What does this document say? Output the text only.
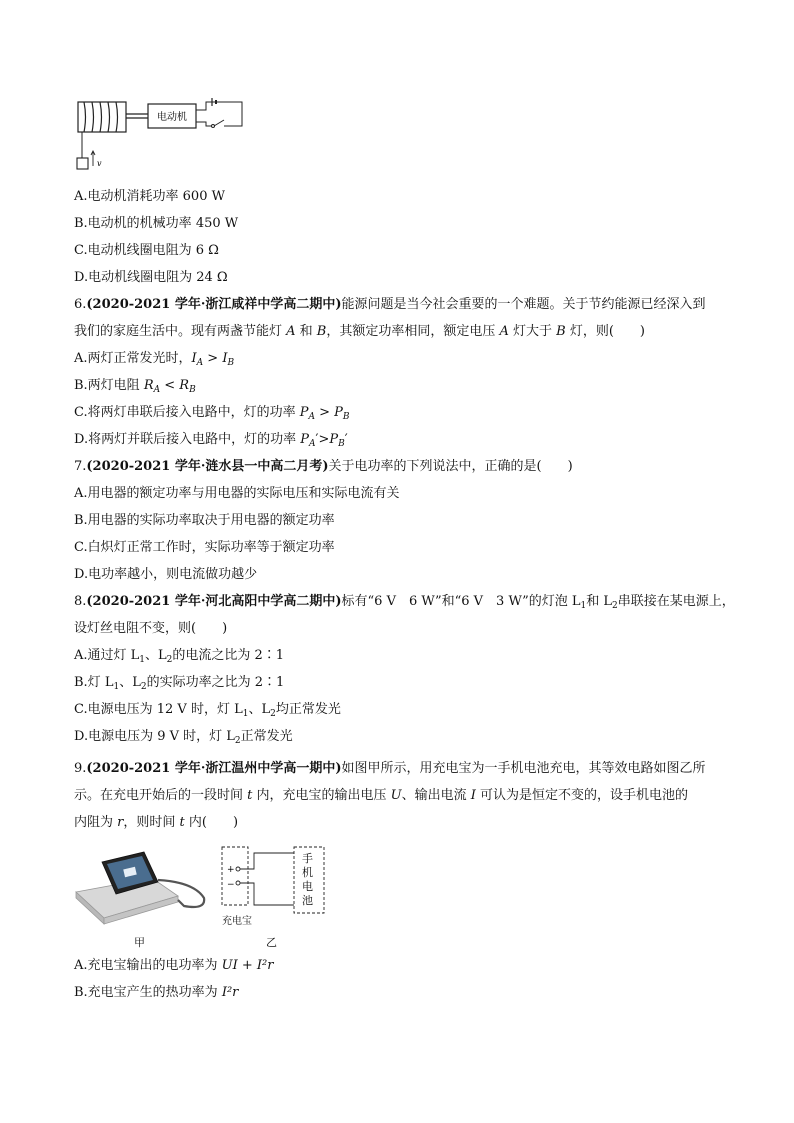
电动机
v
A.电动机消耗功率 600 W
B.电动机的机械功率 450 W
C.电动机线圈电阻为 6 Ω
D.电动机线圈电阻为 24 Ω
6.(2020-2021 学年·浙江咸祥中学高二期中)能源问题是当今社会重要的一个难题。关于节约能源已经深入到
我们的家庭生活中。现有两盏节能灯 A 和 B，其额定功率相同，额定电压 A 灯大于 B 灯，则(　　)
A.两灯正常发光时，$I_A > I_B$
B.两灯电阻 $R_A < R_B$
C.将两灯串联后接入电路中，灯的功率 $P_A > P_B$
D.将两灯并联后接入电路中，灯的功率 $P_A'>P_B'$
7.(2020-2021 学年·涟水县一中高二月考)关于电功率的下列说法中，正确的是(　　)
A.用电器的额定功率与用电器的实际电压和实际电流有关
B.用电器的实际功率取决于用电器的额定功率
C.白炽灯正常工作时，实际功率等于额定功率
D.电功率越小，则电流做功越少
8.(2020-2021 学年·河北高阳中学高二期中)标有“6 V　6 W”和“6 V　3 W”的灯泡 $L_1$和 $L_2$串联接在某电源上，
设灯丝电阻不变，则(　　)
A.通过灯 $L_1$、$L_2$的电流之比为 2∶1
B.灯 $L_1$、$L_2$的实际功率之比为 2∶1
C.电源电压为 12 V 时，灯 $L_1$、$L_2$均正常发光
D.电源电压为 9 V 时，灯 $L_2$正常发光
9.(2020-2021 学年·浙江温州中学高一期中)如图甲所示，用充电宝为一手机电池充电，其等效电路如图乙所
示。在充电开始后的一段时间 t 内，充电宝的输出电压 U、输出电流 I 可认为是恒定不变的，设手机电池的
内阻为 r，则时间 t 内(　　)
甲
+
−
手
机
电
池
充电宝
乙
A.充电宝输出的电功率为 UI + I²r
B.充电宝产生的热功率为 I²r
